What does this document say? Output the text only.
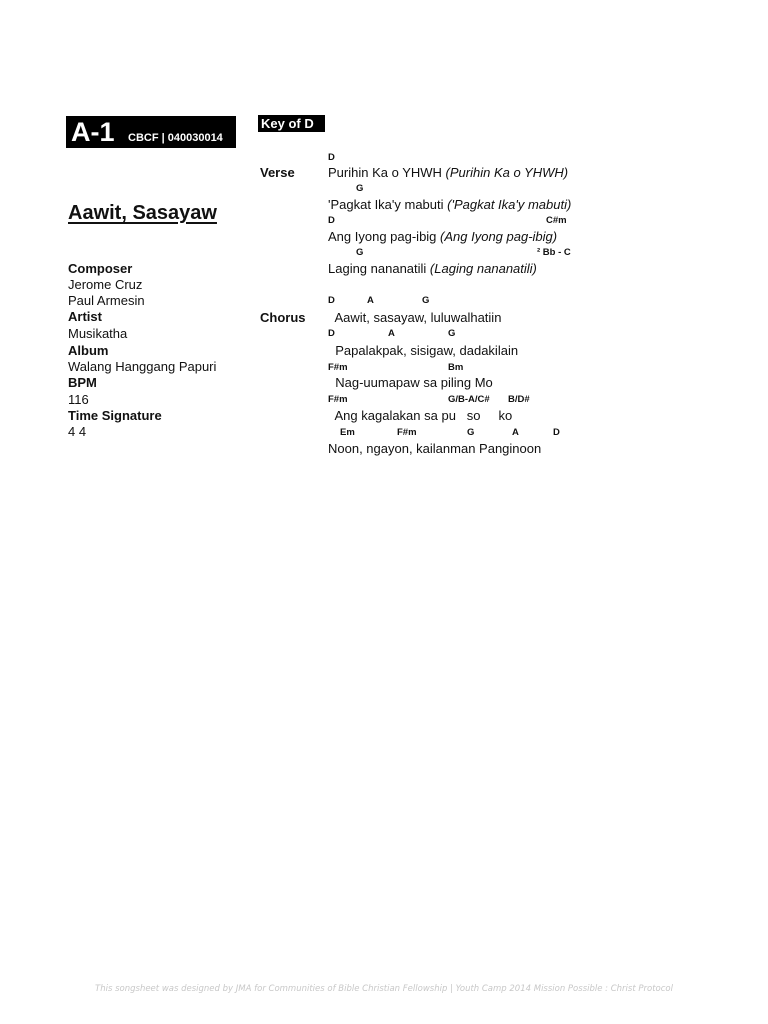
A-1 CBCF | 040030014
Key of D
Aawit, Sasayaw
Composer
Jerome Cruz
Paul Armesin
Artist
Musikatha
Album
Walang Hanggang Papuri
BPM
116
Time Signature
4 4
Verse
D
Purihin Ka o YHWH (Purihin Ka o YHWH)
G
'Pagkat Ika'y mabuti ('Pagkat Ika'y mabuti)
D	C#m
Ang Iyong pag-ibig (Ang Iyong pag-ibig)
G	² Bb - C
Laging nananatili (Laging nananatili)
Chorus
D	A	G
Aawit, sasayaw, luluwalhatiin
D	A	G
Papalakpak, sisigaw, dadakilain
F#m	Bm
Nag-uumapaw sa piling Mo
F#m	G/B-A/C# B/D#
Ang kagalakan sa pu   so     ko
Em	F#m	G	A	D
Noon, ngayon, kailanman Panginoon
This songsheet was designed by JMA for Communities of Bible Christian Fellowship | Youth Camp 2014 Mission Possible : Christ Protocol
